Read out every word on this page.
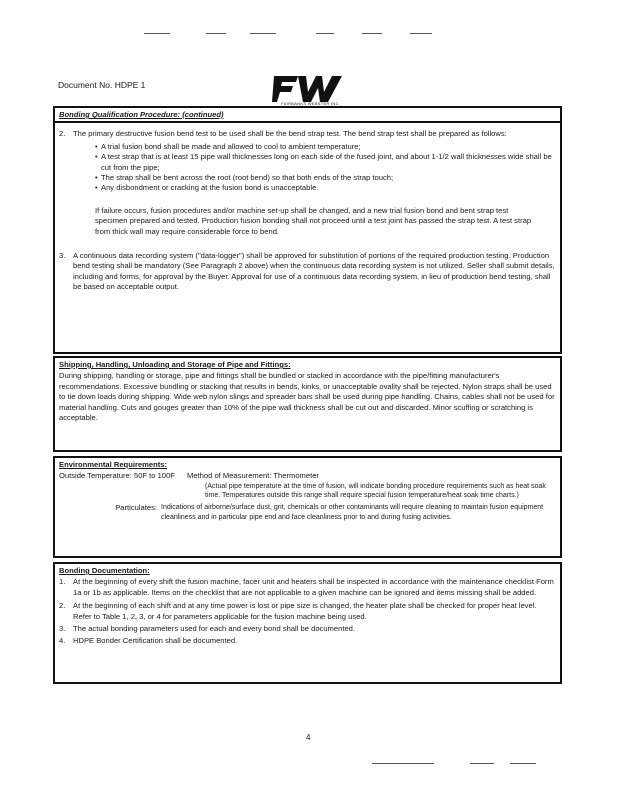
Document No. HDPE 1
FAIRBANKS WEBSTER INC
Bonding Qualification Procedure: (continued)
2.	The primary destructive fusion bend test to be used shall be the bend strap test. The bend strap test shall be prepared as follows:
• A trial fusion bond shall be made and allowed to cool to ambient temperature;
• A test strap that is at least 15 pipe wall thicknesses long on each side of the fused joint, and about 1-1/2 wall thicknesses wide shall be cut from the pipe;
• The strap shall be bent across the root (root bend) so that both ends of the strap touch;
• Any disbondment or cracking at the fusion bond is unacceptable.

If failure occurs, fusion procedures and/or machine set-up shall be changed, and a new trial fusion bond and bent strap test specimen prepared and tested. Production fusion bonding shall not proceed until a test joint has passed the strap test. A test strap from thick wall may require considerable force to bend.

3.	A continuous data recording system ("data-logger") shall be approved for substitution of portions of the required production testing. Production bend testing shall be mandatory (See Paragraph 2 above) when the continuous data recording system is not utilized. Seller shall submit details, including and forms, for approval by the Buyer. Approval for use of a continuous data recording system, in lieu of production bend testing, shall be based on acceptable output.
Shipping, Handling, Unloading and Storage of Pipe and Fittings:

During shipping, handling or storage, pipe and fittings shall be bundled or stacked in accordance with the pipe/fitting manufacturer's recommendations. Excessive bundling or stacking that results in bends, kinks, or unacceptable ovality shall be rejected. Nylon straps shall be used to tie down loads during shipping. Wide web nylon slings and spreader bars shall be used during pipe handling. Chains, cables shall not be used for material handling. Cuts and gouges greater than 10% of the pipe wall thickness shall be cut out and discarded. Minor scuffing or scratching is acceptable.

Environmental Requirements:
Outside Temperature: 50F to 100F	Method of Measurement: Thermometer
(Actual pipe temperature at the time of fusion, will indicate bonding procedure requirements such as heat soak time. Temperatures outside this range shall require special fusion temperature/heat soak time charts.)
Particulates: Indications of airborne/surface dust, grit, chemicals or other contaminants will require cleaning to maintain fusion equipment cleanliness and in particular pipe end and face cleanliness prior to and during fusing activities.
Bonding Documentation:
1.	At the beginning of every shift the fusion machine, facer unit and heaters shall be inspected in accordance with the maintenance checklist Form 1a or 1b as applicable. Items on the checklist that are not applicable to a given machine can be ignored and items missing shall be added.
2.	At the beginning of each shift and at any time power is lost or pipe size is changed, the heater plate shall be checked for proper heat level. Refer to Table 1, 2, 3, or 4 for parameters applicable for the fusion machine being used.
3.	The actual bonding parameters used for each and every bond shall be documented.
4.	HDPE Bonder Certification shall be documented.
4
